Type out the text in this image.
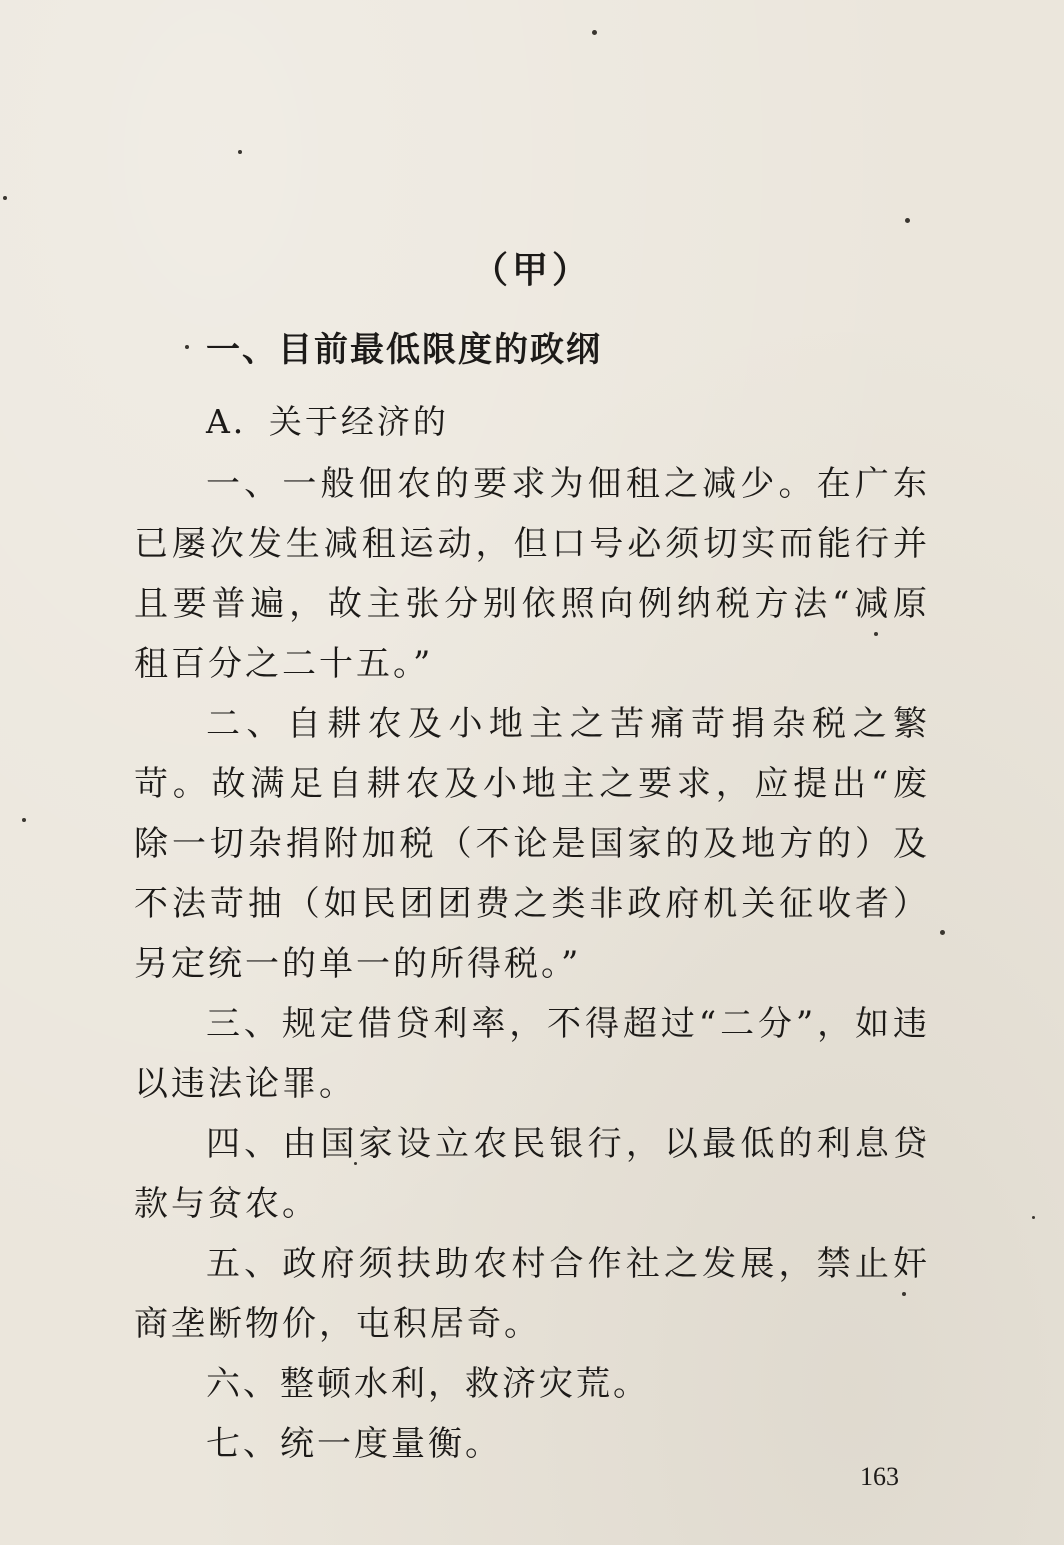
（甲）
一、目前最低限度的政纲
A．关于经济的

一、一般佃农的要求为佃租之减少。在广东已屡次发生减租运动，但口号必须切实而能行并且要普遍，故主张分别依照向例纳税方法“减原租百分之二十五。”

二、自耕农及小地主之苦痛苛捐杂税之繁苛。故满足自耕农及小地主之要求，应提出“废除一切杂捐附加税（不论是国家的及地方的）及不法苛抽（如民团团费之类非政府机关征收者）另定统一的单一的所得税。”

三、规定借贷利率，不得超过“二分”，如违以违法论罪。

四、由国家设立农民银行，以最低的利息贷款与贫农。

五、政府须扶助农村合作社之发展，禁止奸商垄断物价，屯积居奇。

六、整顿水利，救济灾荒。

七、统一度量衡。

163
